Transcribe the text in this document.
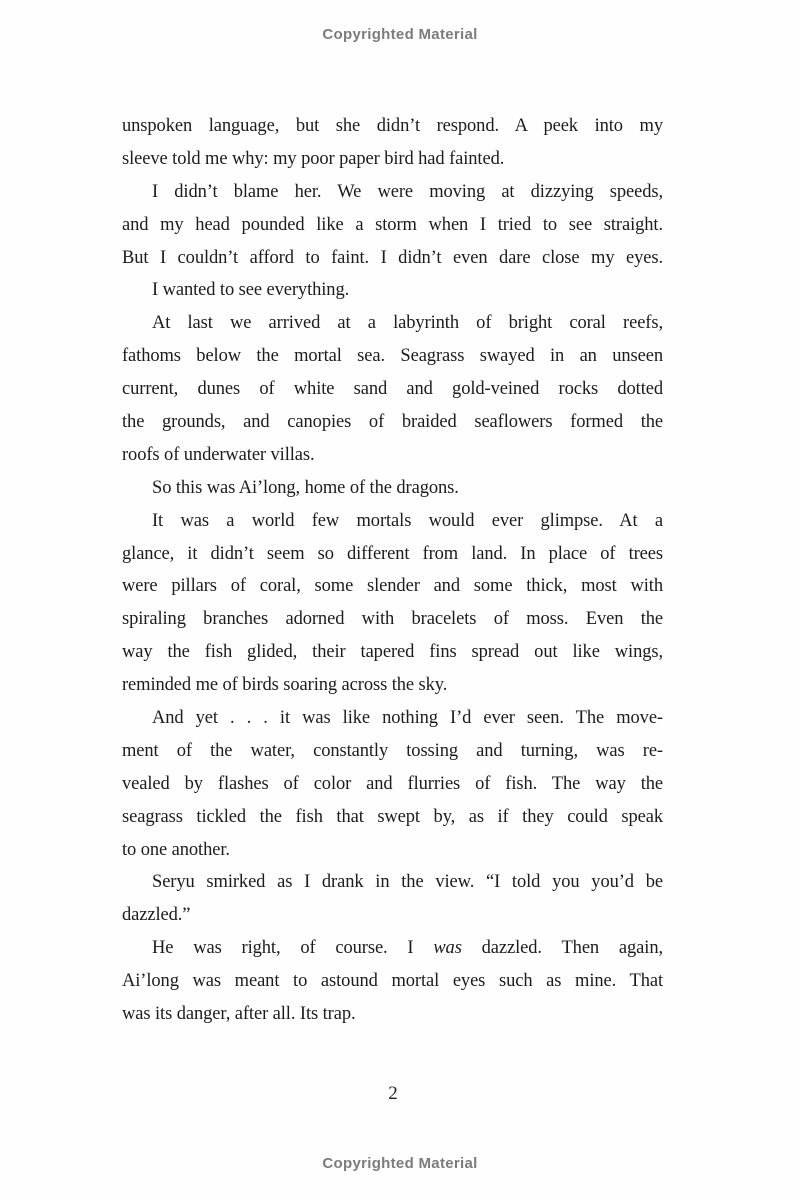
Copyrighted Material
unspoken language, but she didn’t respond. A peek into my
sleeve told me why: my poor paper bird had fainted.
I didn’t blame her. We were moving at dizzying speeds,
and my head pounded like a storm when I tried to see straight.
But I couldn’t afford to faint. I didn’t even dare close my eyes.
I wanted to see everything.
At last we arrived at a labyrinth of bright coral reefs,
fathoms below the mortal sea. Seagrass swayed in an unseen
current, dunes of white sand and gold-veined rocks dotted
the grounds, and canopies of braided seaflowers formed the
roofs of underwater villas.
So this was Ai’long, home of the dragons.
It was a world few mortals would ever glimpse. At a
glance, it didn’t seem so different from land. In place of trees
were pillars of coral, some slender and some thick, most with
spiraling branches adorned with bracelets of moss. Even the
way the fish glided, their tapered fins spread out like wings,
reminded me of birds soaring across the sky.
And yet . . . it was like nothing I’d ever seen. The move-
ment of the water, constantly tossing and turning, was re-
vealed by flashes of color and flurries of fish. The way the
seagrass tickled the fish that swept by, as if they could speak
to one another.
Seryu smirked as I drank in the view. “I told you you’d be
dazzled.”
He was right, of course. I was dazzled. Then again,
Ai’long was meant to astound mortal eyes such as mine. That
was its danger, after all. Its trap.
2
Copyrighted Material
